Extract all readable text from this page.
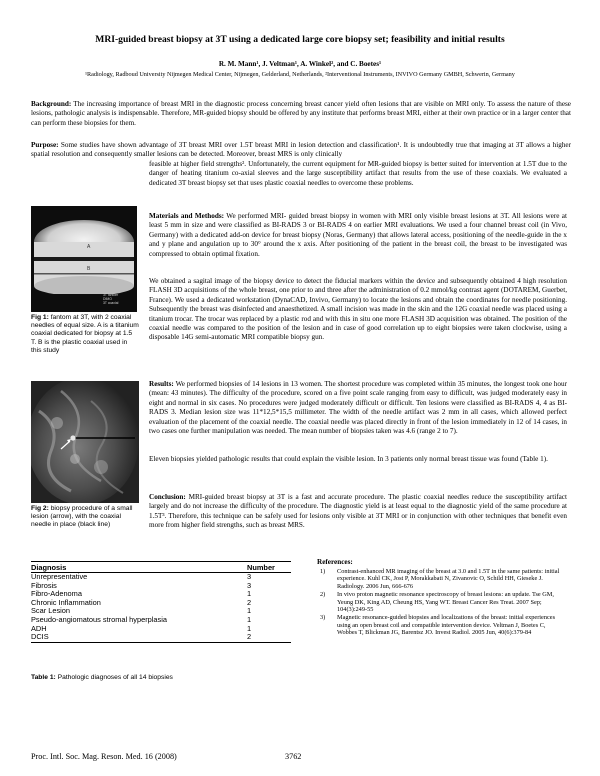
MRI-guided breast biopsy at 3T using a dedicated large core biopsy set; feasibility and initial results
R. M. Mann¹, J. Veltman¹, A. Winkel², and C. Boetes¹
¹Radiology, Radboud University Nijmegen Medical Center, Nijmegen, Gelderland, Netherlands, ²Interventional Instruments, INVIVO Germany GMBH, Schwerin, Germany
Background: The increasing importance of breast MRI in the diagnostic process concerning breast cancer yield often lesions that are visible on MRI only. To assess the nature of these lesions, pathologic analysis is indispensable. Therefore, MR-guided biopsy should be offered by any institute that performs breast MRI, either at their own practice or in a larger center that can perform these biopsies for them.
Purpose: Some studies have shown advantage of 3T breast MRI over 1.5T breast MRI in lesion detection and classification¹. It is undoubtedly true that imaging at 3T allows a higher spatial resolution and consequently smaller lesions can be detected. Moreover, breast MRS is only clinically
feasible at higher field strengths². Unfortunately, the current equipment for MR-guided biopsy is better suited for intervention at 1.5T due to the danger of heating titanium co-axial sleeves and the large susceptibility artifact that results from the use of these coaxials. We evaluated a dedicated 3T breast biopsy set that uses plastic coaxial needles to overcome these problems.
A
B
3T fantom
DIMO
3T coaxial
Fig 1: fantom at 3T, with 2 coaxial needles of equal size. A is a titanium coaxial dedicated for biopsy at 1.5 T. B is the plastic coaxial used in this study
Materials and Methods: We performed MRI- guided breast biopsy in women with MRI only visible breast lesions at 3T. All lesions were at least 5 mm in size and were classified as BI-RADS 3 or BI-RADS 4 on earlier MRI evaluations. We used a four channel breast coil (in Vivo, Germany) with a dedicated add-on device for breast biopsy (Noras, Germany) that allows lateral access, positioning of the needle-guide in the x and y plane and angulation up to 30° around the x axis. After positioning of the patient in the breast coil, the breast to be investigated was compressed to obtain optimal fixation.
We obtained a sagital image of the biopsy device to detect the fiducial markers within the device and subsequently obtained 4 high resolution FLASH 3D acquisitions of the whole breast, one prior to and three after the administration of 0.2 mmol/kg contrast agent (DOTAREM, Guerbet, France). We used a dedicated workstation (DynaCAD, Invivo, Germany) to locate the lesions and obtain the coordinates for needle positioning. Subsequently the breast was disinfected and anaesthetized. A small incision was made in the skin and the 12G coaxial needle was placed using a titanium trocar. The trocar was replaced by a plastic rod and with this in situ one more FLASH 3D acquisition was obtained. The position of the coaxial needle was compared to the position of the lesion and in case of good correlation up to eight biopsies were taken clockwise, using a disposable 14G semi-automatic MRI compatible biopsy gun.
Fig 2: biopsy procedure of a small lesion (arrow), with the coaxial needle in place (black line)
Results: We performed biopsies of 14 lesions in 13 women. The shortest procedure was completed within 35 minutes, the longest took one hour (mean: 43 minutes). The difficulty of the procedure, scored on a five point scale ranging from easy to difficult, was judged moderately easy in eight and normal in six cases. No procedures were judged moderately difficult or difficult. Ten lesions were classified as BI-RADS 4, 4 as BI-RADS 3. Median lesion size was 11*12,5*15,5 millimeter. The width of the needle artifact was 2 mm in all cases, which allowed perfect evaluation of the placement of the coaxial needle. The coaxial needle was placed directly in front of the lesion immediately in 12 of 14 cases, in two cases one further manipulation was needed. The mean number of biopsies taken was 4.6 (range 2 to 7).
Eleven biopsies yielded pathologic results that could explain the visible lesion. In 3 patients only normal breast tissue was found (Table 1).
Conclusion: MRI-guided breast biopsy at 3T is a fast and accurate procedure. The plastic coaxial needles reduce the susceptibility artifact largely and do not increase the difficulty of the procedure. The diagnostic yield is at least equal to the diagnostic yield of the same procedure at 1.5T³. Therefore, this technique can be safely used for lesions only visible at 3T MRI or in conjunction with other techniques that benefit even more from higher field strengths, such as breast MRS.
Diagnosis	Number
Unrepresentative	3
Fibrosis	3
Fibro-Adenoma	1
Chronic Inflammation	2
Scar Lesion	1
Pseudo-angiomatous stromal hyperplasia	1
ADH	1
DCIS	2
Table 1: Pathologic diagnoses of all 14 biopsies
References:
1) Contrast-enhanced MR imaging of the breast at 3.0 and 1.5T in the same patients: initial experience. Kuhl CK, Jost P, Morakkabati N, Zivanovic O, Schild HH, Gieseke J. Radiology. 2006 Jun, 666-676
2) In vivo proton magnetic resonance spectroscopy of breast lesions: an update. Tse GM, Yeung DK, King AD, Cheung HS, Yang WT. Breast Cancer Res Treat. 2007 Sep; 104(3):249-55
3) Magnetic resonance-guided biopsies and localizations of the breast: initial experiences using an open breast coil and compatible intervention device. Veltman J, Boetes C, Wobbes T, Blickman JG, Barentsz JO. Invest Radiol. 2005 Jun, 40(6):379-84
Proc. Intl. Soc. Mag. Reson. Med. 16 (2008)	3762
